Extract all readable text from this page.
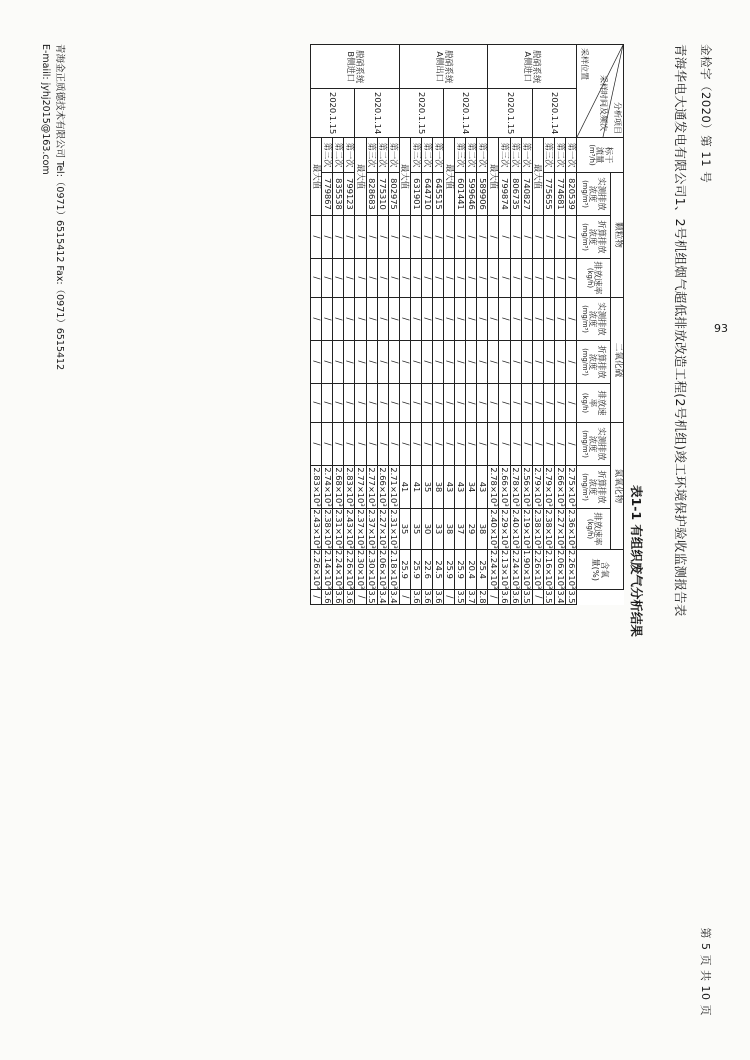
93
金检字（2020）第 11 号
第 5 页 共 10 页
青海华电大通发电有限公司1、2号机组烟气超低排放改造工程(2号机组)竣工环境保护验收监测报告表
表1-1 有组织废气分析结果
分析项目
采样时间及频次
采样位置

标干
流量
(m³/h)
	颗粒物	二氧化硫	氮氧化物	
含氧
量(%)

实测排放
浓度
(mg/m³)

折算排放
浓度
(mg/m³)

排放速率
(kg/h)

实测排放
浓度
(mg/m³)

折算排放
浓度
(mg/m³)

排放速
率
(kg/h)

实测排放
浓度
(mg/m³)

折算排放
浓度
(mg/m³)

排放速率
(kg/h)

脱硝系统
A侧进口	2020.1.14	第一次	820539	/	/	/	/	/	/	2.75×10³	2.36×10³	2.26×10³	3.5
		第二次	774681	/	/	/	/	/	/	2.66×10³	2.27×10³	2.06×10³	3.4
		第三次	775655	/	/	/	/	/	/	2.79×10³	2.38×10³	2.16×10³	3.5
		最大值		/	/	/	/	/	/	2.79×10³	2.38×10³	2.26×10³	/
	2020.1.15	第一次	740827	/	/	/	/	/	/	2.56×10³	2.19×10³	1.90×10³	3.5
		第二次	806735	/	/	/	/	/	/	2.78×10³	2.40×10³	2.24×10³	3.6
		第三次	799874	/	/	/	/	/	/	2.66×10³	2.29×10³	2.13×10³	3.6
		最大值		/	/	/	/	/	/	2.78×10³	2.40×10³	2.24×10³	/
脱硝系统
A侧出口	2020.1.14	第一次	589906	/	/	/	/	/	/	43	38	25.4	2.8
		第二次	599646	/	/	/	/	/	/	34	29	20.4	3.7
		第三次	601441	/	/	/	/	/	/	43	37	25.9	3.5
		最大值		/	/	/	/	/	/	43	38	25.9	/
	2020.1.15	第一次	645515	/	/	/	/	/	/	38	33	24.5	3.6
		第二次	644710	/	/	/	/	/	/	35	30	22.6	3.6
		第三次	631901	/	/	/	/	/	/	41	35	25.9	3.6
		最大值		/	/	/	/	/	/	41	35	25.9	/
脱硝系统
B侧进口	2020.1.14	第一次	802975	/	/	/	/	/	/	2.71×10³	2.31×10³	2.18×10³	3.4
		第二次	775310	/	/	/	/	/	/	2.66×10³	2.27×10³	2.06×10³	3.4
		第三次	828683	/	/	/	/	/	/	2.77×10³	2.37×10³	2.30×10³	3.5
		最大值		/	/	/	/	/	/	2.77×10³	2.37×10³	2.30×10³	/
	2020.1.15	第一次	799123	/	/	/	/	/	/	2.83×10³	2.43×10³	2.26×10³	3.6
		第二次	835538	/	/	/	/	/	/	2.68×10³	2.31×10³	2.24×10³	3.6
		第三次	779867	/	/	/	/	/	/	2.74×10³	2.38×10³	2.14×10³	3.6
		最大值		/	/	/	/	/	/	2.83×10³	2.43×10³	2.26×10³	/
青海金正质德技术有限公司 Tel:（0971）6515412 Fax:（0971）6515412
E-maiil: jyhj2015@163.com
